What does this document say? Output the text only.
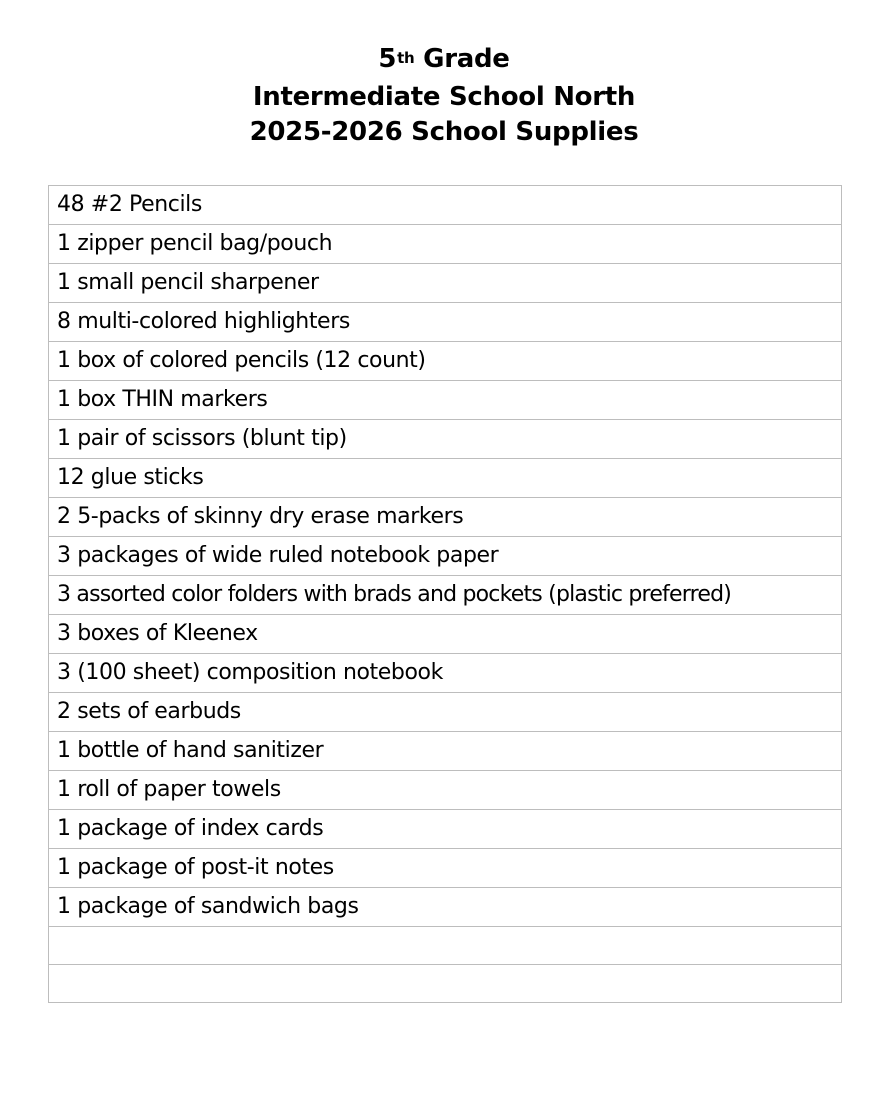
5th Grade
Intermediate School North
2025-2026 School Supplies
48 #2 Pencils
1 zipper pencil bag/pouch
1 small pencil sharpener
8 multi-colored highlighters
1 box of colored pencils (12 count)
1 box THIN markers
1 pair of scissors (blunt tip)
12 glue sticks
2 5-packs of skinny dry erase markers
3 packages of wide ruled notebook paper
3 assorted color folders with brads and pockets (plastic preferred)
3 boxes of Kleenex
3 (100 sheet) composition notebook
2 sets of earbuds
1 bottle of hand sanitizer
1 roll of paper towels
1 package of index cards
1 package of post-it notes
1 package of sandwich bags
